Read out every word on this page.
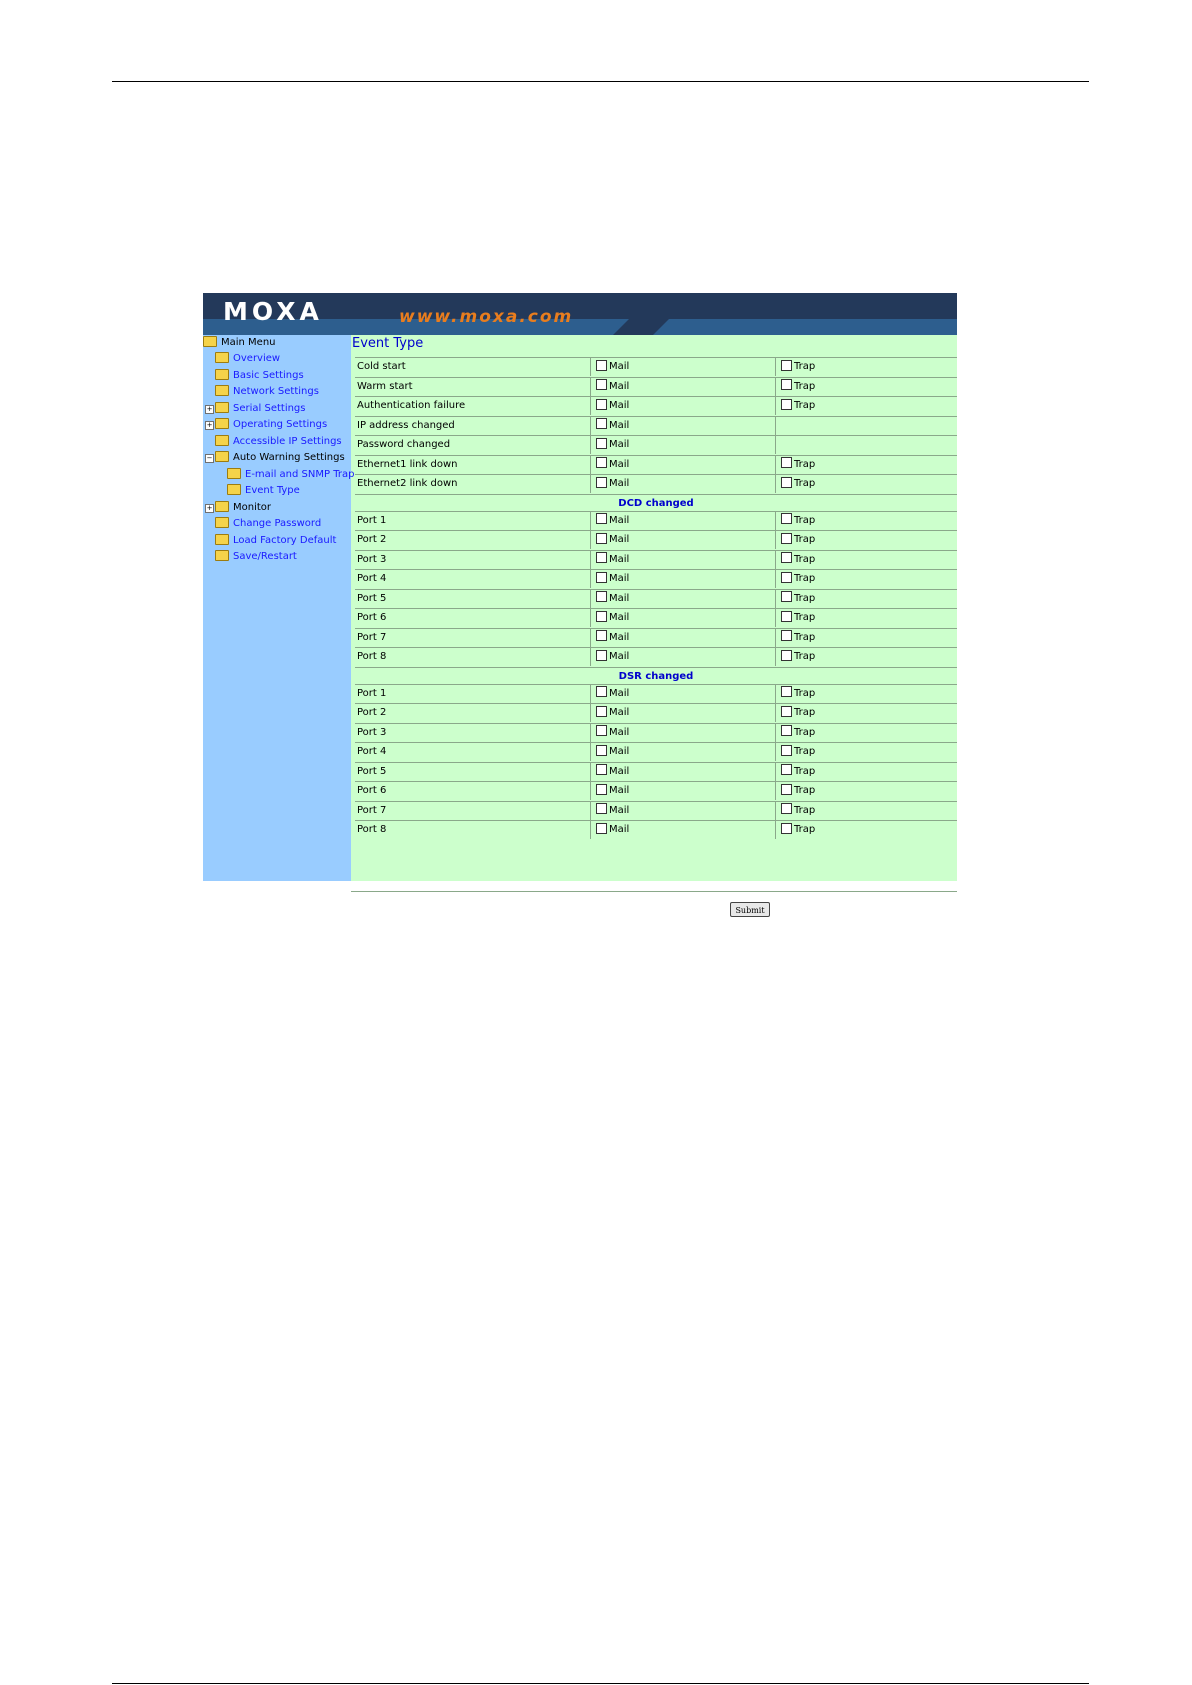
MOXA	www.moxa.com
Main Menu
Overview
Basic Settings
Network Settings
+	Serial Settings
+	Operating Settings
Accessible IP Settings
−	Auto Warning Settings
E-mail and SNMP Trap
Event Type
+	Monitor
Change Password
Load Factory Default
Save/Restart
Event Type
Cold start	Mail	Trap
Warm start	Mail	Trap
Authentication failure	Mail	Trap
IP address changed	Mail
Password changed	Mail
Ethernet1 link down	Mail	Trap
Ethernet2 link down	Mail	Trap
DCD changed
Port 1	Mail	Trap
Port 2	Mail	Trap
Port 3	Mail	Trap
Port 4	Mail	Trap
Port 5	Mail	Trap
Port 6	Mail	Trap
Port 7	Mail	Trap
Port 8	Mail	Trap
DSR changed
Port 1	Mail	Trap
Port 2	Mail	Trap
Port 3	Mail	Trap
Port 4	Mail	Trap
Port 5	Mail	Trap
Port 6	Mail	Trap
Port 7	Mail	Trap
Port 8	Mail	Trap
Submit
